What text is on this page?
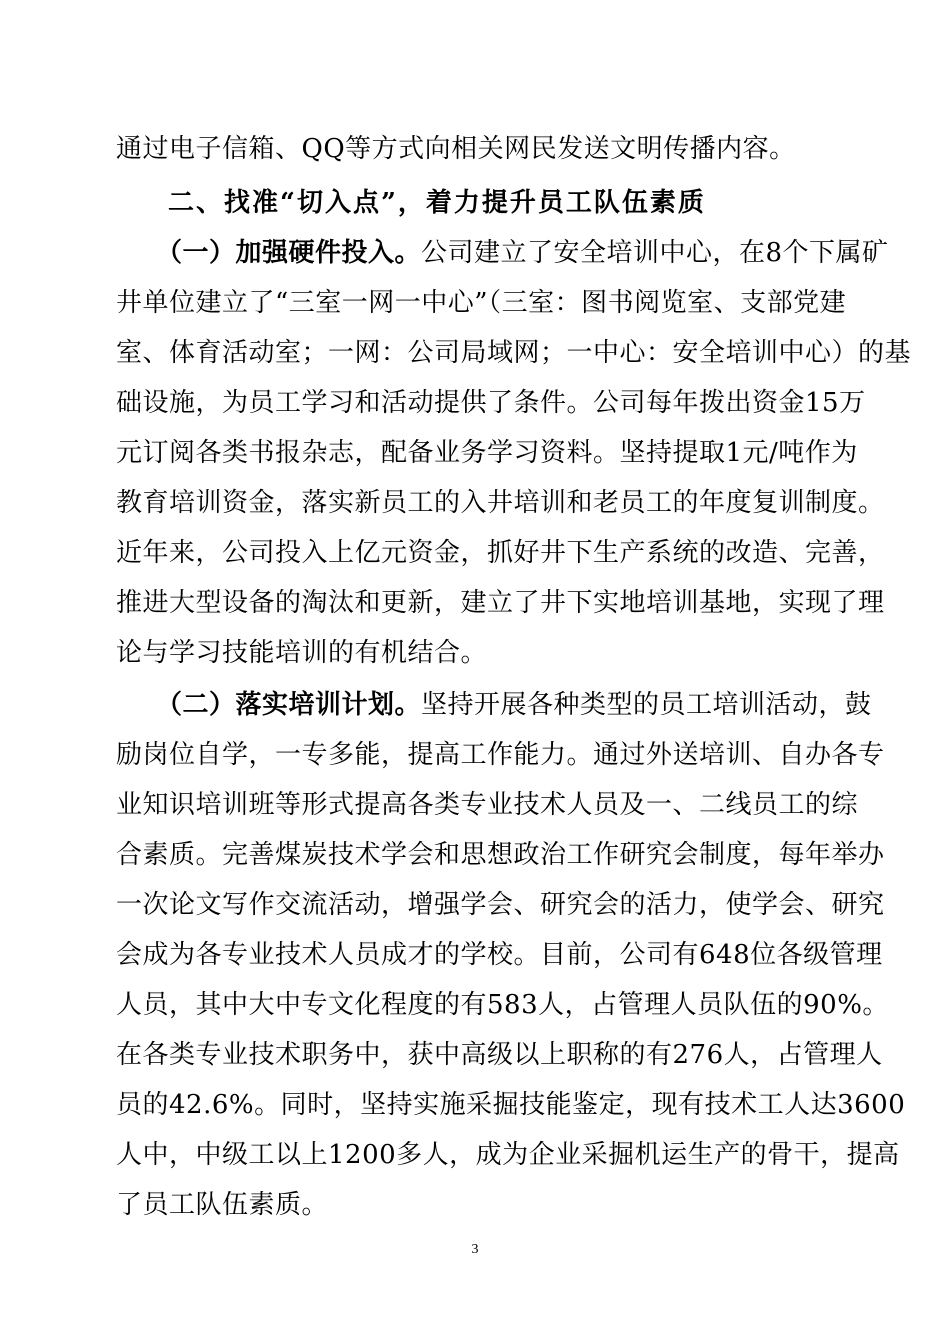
通过电子信箱、QQ等方式向相关网民发送文明传播内容。
二、找准“切入点”，着力提升员工队伍素质
（一）加强硬件投入。公司建立了安全培训中心，在8个下属矿
井单位建立了“三室一网一中心”（三室：图书阅览室、支部党建
室、体育活动室；一网：公司局域网；一中心：安全培训中心）的基
础设施，为员工学习和活动提供了条件。公司每年拨出资金15万
元订阅各类书报杂志，配备业务学习资料。坚持提取1元/吨作为
教育培训资金，落实新员工的入井培训和老员工的年度复训制度。
近年来，公司投入上亿元资金，抓好井下生产系统的改造、完善，
推进大型设备的淘汰和更新，建立了井下实地培训基地，实现了理
论与学习技能培训的有机结合。
（二）落实培训计划。坚持开展各种类型的员工培训活动，鼓
励岗位自学，一专多能，提高工作能力。通过外送培训、自办各专
业知识培训班等形式提高各类专业技术人员及一、二线员工的综
合素质。完善煤炭技术学会和思想政治工作研究会制度，每年举办
一次论文写作交流活动，增强学会、研究会的活力，使学会、研究
会成为各专业技术人员成才的学校。目前，公司有648位各级管理
人员，其中大中专文化程度的有583人，占管理人员队伍的90%。
在各类专业技术职务中，获中高级以上职称的有276人，占管理人
员的42.6%。同时，坚持实施采掘技能鉴定，现有技术工人达3600
人中，中级工以上1200多人，成为企业采掘机运生产的骨干，提高
了员工队伍素质。
3
